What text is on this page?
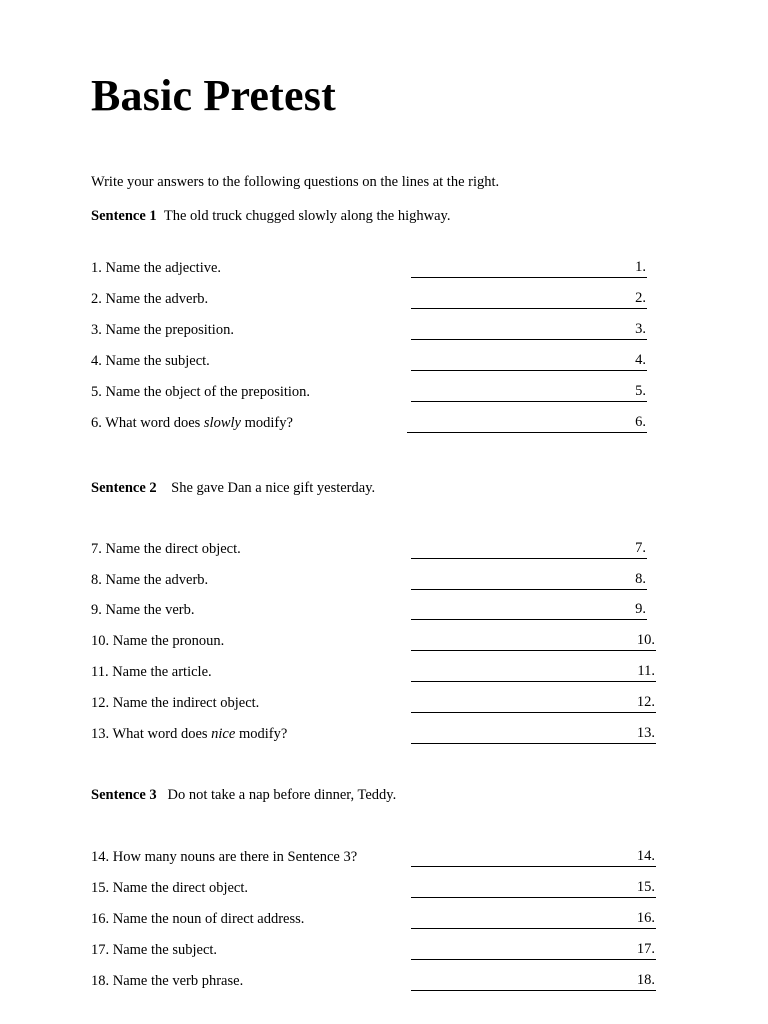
Basic Pretest
Write your answers to the following questions on the lines at the right.
Sentence 1 The old truck chugged slowly along the highway.
Sentence 2 She gave Dan a nice gift yesterday.
Sentence 3 Do not take a nap before dinner, Teddy.
1. Name the adjective.	1.
2. Name the adverb.	2.
3. Name the preposition.	3.
4. Name the subject.	4.
5. Name the object of the preposition.	5.
6. What word does slowly modify?	6.
7. Name the direct object.	7.
8. Name the adverb.	8.
9. Name the verb.	9.
10. Name the pronoun.	10.
11. Name the article.	11.
12. Name the indirect object.	12.
13. What word does nice modify?	13.
14. How many nouns are there in Sentence 3?	14.
15. Name the direct object.	15.
16. Name the noun of direct address.	16.
17. Name the subject.	17.
18. Name the verb phrase.	18.
